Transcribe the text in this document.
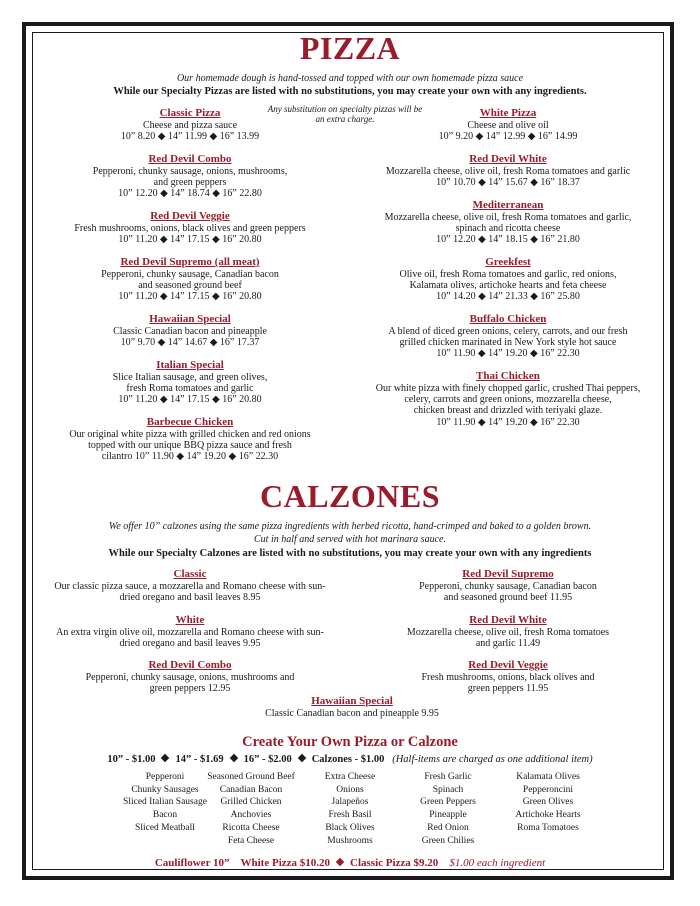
PIZZA
Our homemade dough is hand-tossed and topped with our own homemade pizza sauce
While our Specialty Pizzas are listed with no substitutions, you may create your own with any ingredients.
Any substitution on specialty pizzas will be
an extra charge.
Classic Pizza
Cheese and pizza sauce
10” 8.20 ◆ 14” 11.99 ◆ 16” 13.99
Red Devil Combo
Pepperoni, chunky sausage, onions, mushrooms,
and green peppers
10” 12.20 ◆ 14” 18.74 ◆ 16” 22.80
Red Devil Veggie
Fresh mushrooms, onions, black olives and green peppers
10” 11.20 ◆ 14” 17.15 ◆ 16” 20.80
Red Devil Supremo (all meat)
Pepperoni, chunky sausage, Canadian bacon
and seasoned ground beef
10” 11.20 ◆ 14” 17.15 ◆ 16” 20.80
Hawaiian Special
Classic Canadian bacon and pineapple
10” 9.70 ◆ 14” 14.67 ◆ 16” 17.37
Italian Special
Slice Italian sausage, and green olives,
fresh Roma tomatoes and garlic
10” 11.20 ◆ 14” 17.15 ◆ 16” 20.80
Barbecue Chicken
Our original white pizza with grilled chicken and red onions
topped with our unique BBQ pizza sauce and fresh
cilantro 10” 11.90 ◆ 14” 19.20 ◆ 16” 22.30
White Pizza
Cheese and olive oil
10” 9.20 ◆ 14” 12.99 ◆ 16” 14.99
Red Devil White
Mozzarella cheese, olive oil, fresh Roma tomatoes and garlic
10” 10.70 ◆ 14” 15.67 ◆ 16” 18.37
Mediterranean
Mozzarella cheese, olive oil, fresh Roma tomatoes and garlic,
spinach and ricotta cheese
10” 12.20 ◆ 14” 18.15 ◆ 16” 21.80
Greekfest
Olive oil, fresh Roma tomatoes and garlic, red onions,
Kalamata olives, artichoke hearts and feta cheese
10” 14.20 ◆ 14” 21.33 ◆ 16” 25.80
Buffalo Chicken
A blend of diced green onions, celery, carrots, and our fresh
grilled chicken marinated in New York style hot sauce
10” 11.90 ◆ 14” 19.20 ◆ 16” 22.30
Thai Chicken
Our white pizza with finely chopped garlic, crushed Thai peppers,
celery, carrots and green onions, mozzarella cheese,
chicken breast and drizzled with teriyaki glaze.
10” 11.90 ◆ 14” 19.20 ◆ 16” 22.30
CALZONES
We offer 10” calzones using the same pizza ingredients with herbed ricotta, hand-crimped and baked to a golden brown.
Cut in half and served with hot marinara sauce.
While our Specialty Calzones are listed with no substitutions, you may create your own with any ingredients
Classic
Our classic pizza sauce, a mozzarella and Romano cheese with sun-
dried oregano and basil leaves 8.95
White
An extra virgin olive oil, mozzarella and Romano cheese with sun-
dried oregano and basil leaves 9.95
Red Devil Combo
Pepperoni, chunky sausage, onions, mushrooms and
green peppers 12.95
Red Devil Supremo
Pepperoni, chunky sausage, Canadian bacon
and seasoned ground beef 11.95
Red Devil White
Mozzarella cheese, olive oil, fresh Roma tomatoes
and garlic 11.49
Red Devil Veggie
Fresh mushrooms, onions, black olives and
green peppers 11.95
Hawaiian Special
Classic Canadian bacon and pineapple 9.95
Create Your Own Pizza or Calzone
10” - $1.00 14” - $1.69 16” - $2.00 Calzones - $1.00 (Half-items are charged as one additional item)
Pepperoni
Chunky Sausages
Sliced Italian Sausage
Bacon
Sliced Meatball
Seasoned Ground Beef
Canadian Bacon
Grilled Chicken
Anchovies
Ricotta Cheese
Feta Cheese
Extra Cheese
Onions
Jalapeños
Fresh Basil
Black Olives
Mushrooms
Fresh Garlic
Spinach
Green Peppers
Pineapple
Red Onion
Green Chilies
Kalamata Olives
Pepperoncini
Green Olives
Artichoke Hearts
Roma Tomatoes
Cauliflower 10” White Pizza $10.20 Classic Pizza $9.20 $1.00 each ingredient
